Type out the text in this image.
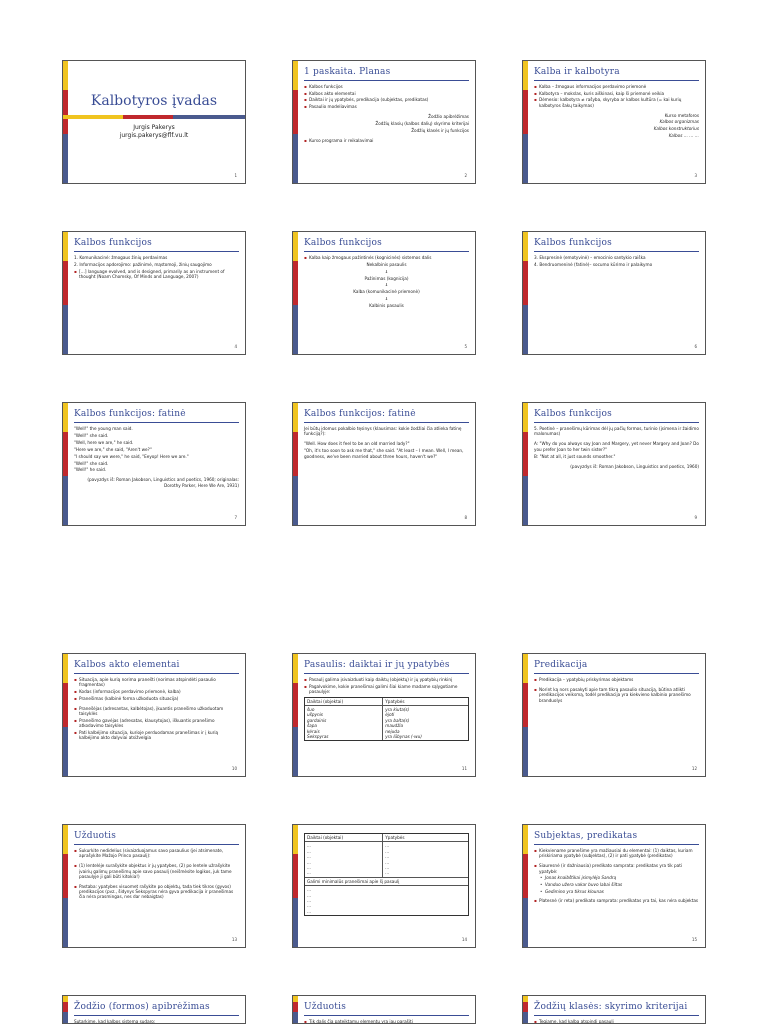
Kalbotyros įvadas
Jurgis Pakerys
jurgis.pakerys@flf.vu.lt
1
1 paskaita. Planas
▪ Kalbos funkcijos
▪ Kalbos akto elementai
▪ Daiktai ir jų ypatybės, predikacija (subjektas, predikatas)
▪ Pasaulio modeliavimas

Žodžio apibrėžimas

Žodžių klasių (kalbos dalių) skyrimo kriterijai

Žodžių klasės ir jų funkcijos

▪ Kurso programa ir reikalavimai
2
Kalba ir kalbotyra
▪ Kalba – žmogaus informacijos perdavimo priemonė
▪ Kalbotyra – mokslas, kuris aiškinasi, kaip ši priemonė veikia
▪ Dėmesio: kalbotyra ≠ rašyba, skyryba ar kalbos kultūra (= kai kurių kalbotyros šakų taikymas)

Kurso metaforos

Kalbos organizmas

Kalbos konstruktorius

Kalbos … … …

3
Kalbos funkcijos

1. Komunikacinė: žmogaus žinių perdavimas

2. Informacijos apdorojimo: pažinimė, mąstomoji, žinių saugojimo

▪ […] language evolved, and is designed, primarily as an instrument of thought (Noam Chomsky, Of Minds and Language, 2007)
4
Kalbos funkcijos
▪ Kalba kaip žmogaus pažintinės (kognicinės) sistemos dalis

Nekalbinis pasaulis

⇓

Pažinimas (kognicija)

⇓

Kalba (komunikacinė priemonė)

⇓

Kalbinis pasaulis

5
Kalbos funkcijos

3. Ekspresinė (emotyvinė) – emocinio santykio raiška

4. Bendruomeninė (fatinė)– socumo kūrimo ir palaikymo

6
Kalbos funkcijos: fatinė

"Well!" the young man said.

"Well!" she said.

"Well, here we are," he said.

"Here we are," she said, "Aren't we?"

"I should say we were," he said, "Eeyop! Here we are."

"Well!" she said.

"Well!" he said.

(pavyzdys iš: Roman Jakobson, Linguistics and poetics, 1960; originalas: Dorothy Parker, Here We Are, 1931)

7
Kalbos funkcijos: fatinė

Jei būtų įdomus pokalbio tęsinys (klausimas: kokie žodžiai čia atlieka fatinę funkciją?):

"Well. How does it feel to be an old married lady?"

"Oh, it's too soon to ask me that," she said. "At least – I mean. Well, I mean, goodness, we've been married about three hours, haven't we?"

8
Kalbos funkcijos

5. Poetinė – pranešimų kūrimas dėl jų pačių formos, turinio (įsimena ir žaidimo malonumas)

A: "Why do you always say Joan and Margery, yet never Margery and Joan? Do you prefer Joan to her twin sister?"

B: "Not at all, it just sounds smoother."

(pavyzdys iš: Roman Jakobson, Linguistics and poetics, 1960)

9
Kalbos akto elementai
▪ Situacija, apie kurią norima pranešti (norimas atspindėti pasaulio fragmentas)
▪ Kodas (informacijos perdavimo priemonė, kalba)
▪ Pranešimas (kalbinė forma užkoduota situacija)
▪ Pranešėjas (adresantas, kalbėtojas), įkuantis pranešimo užkoduotam taisyklės
▪ Pranešimo gavėjas (adresatas, klausytojas), iškuantis pranešimo atkodavimo taisykles
▪ Pati kalbėjimo situacija, kurioje perduodamas pranešimas ir į kurią kalbėjimo akto dalyviai atsižvelgia
10
Pasaulis: daiktai ir jų ypatybės
▪ Pasaulį galima įsivaizduoti kaip daiktų (objektų) ir jų ypatybių rinkinį
▪ Pagalvokime, kokie pranešimai galimi šiai kiame madame sąlygotiame pasaulyje:
Daiktai (objektai)	Ypatybės
šuo
ušpynis
gardainis
šapa
kėrais
Šekspyras
yra kiuta(s)
ėjoti
yra balta(s)
maudžia
neįuda
yra lūbynas (-wu)
11
Predikacija
▪ Predikacija – ypatybių priskyrimas objektams
▪ Norint ką nors pasakyti apie tam tikrą pasaulio situaciją, būtina atlikti predikacijos veiksmą, todėl predikacija yra kiekvieno kalbinio pranešimo branduolys
12
Užduotis
▪ Sukurkite nedidelius (sivaizduojamus savo pasaulius (jei atsimenate, aprašykite Mažojo Princo pasaulį):
▪ (1) lentelėje surašykite objektus ir jų ypatybes, (2) po lentele užrašykite įvairių galimų pranešimų apie savo pasaulį (neišmėsite logikos, juk tame pasaulyje ji gali būti kitokia!)
▪ Pastaba: ypatybes visuomet rašykite po objektų, tada tiek tikros (gyvos) predikacijos (pvz., šidynys Šekspyras nėra gyva predikacija ir pranešimas čia nėra prasmingas, nes dar nebaigtas)
13
Daiktai (objektai)	Ypatybės
...
...
...
...
...
...
...
...
...
...
...
...
Galimi minimalūs pranešimai apie šį pasaulį
...
...
...
...
...
14
Subjektas, predikatas
▪ Kiekviename pranešime yra mažiausiai du elementai: (1) daiktas, kuriam priskiriama ypatybė (subjektas), (2) ir pati ypatybė (predikatas)
▪ Siauresnė (ir dažniausia) predikato samprata: predikatas yra tik pati ypatybė:
• Jonas knaibštikai įsimylėjo Sandrą
• Vanduo užera vakar buvo labai šiltas
• Gedimino yra tikrus klounas
▪ Platesnė (ir reta) predikato samprata: predikatas yra tai, kas nėra subjektas
15
Žodžio (formos) apibrėžimas

Sutarkime, kad kalbos sistemą sudaro:

Užduotis
▪ Tik dalis čia pateiktamų elementų yra jau parašiti
Žodžių klasės: skyrimo kriterijai
▪ Tegiame, kad kalba atspindi pasaulį
